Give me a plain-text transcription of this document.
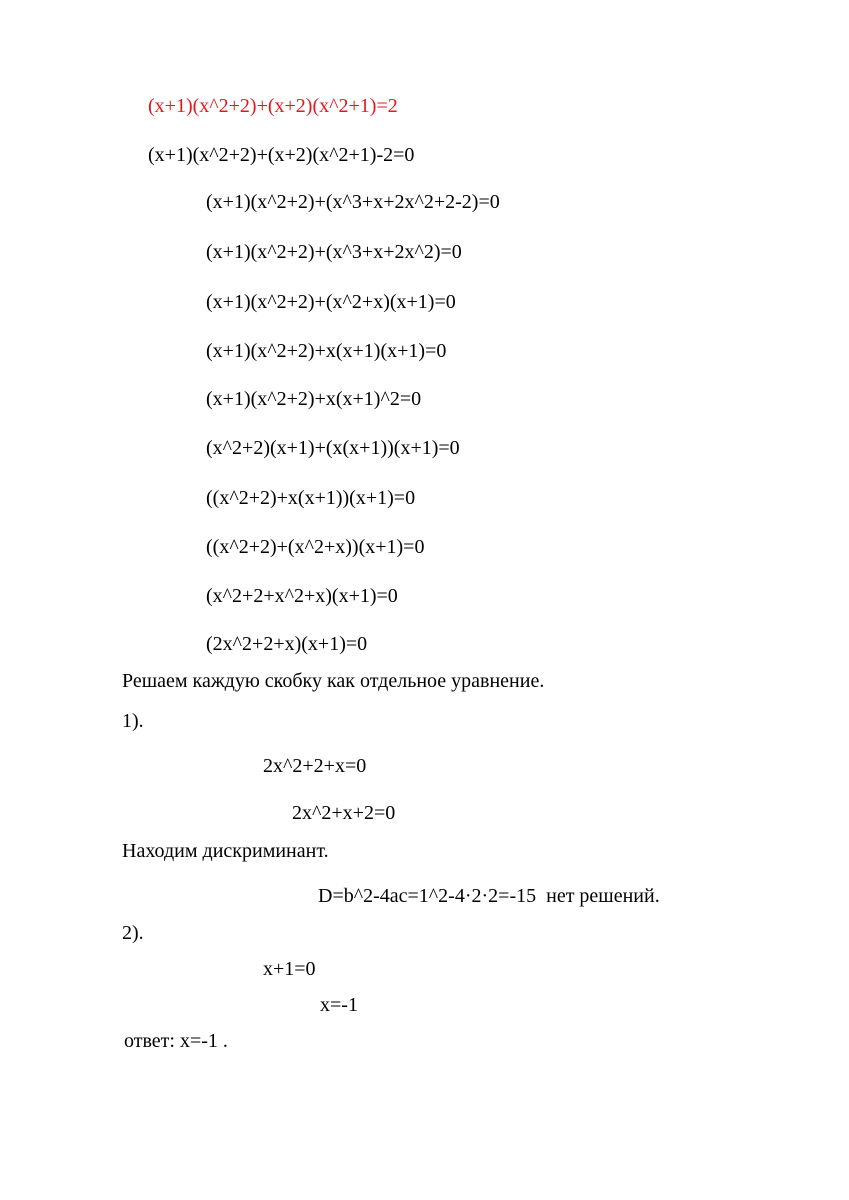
(x+1)(x^2+2)+(x+2)(x^2+1)=2
(x+1)(x^2+2)+(x+2)(x^2+1)-2=0
(x+1)(x^2+2)+(x^3+x+2x^2+2-2)=0
(x+1)(x^2+2)+(x^3+x+2x^2)=0
(x+1)(x^2+2)+(x^2+x)(x+1)=0
(x+1)(x^2+2)+x(x+1)(x+1)=0
(x+1)(x^2+2)+x(x+1)^2=0
(x^2+2)(x+1)+(x(x+1))(x+1)=0
((x^2+2)+x(x+1))(x+1)=0
((x^2+2)+(x^2+x))(x+1)=0
(x^2+2+x^2+x)(x+1)=0
(2x^2+2+x)(x+1)=0
Решаем каждую скобку как отдельное уравнение.
1).
2x^2+2+x=0
2x^2+x+2=0
Находим дискриминант.
D=b^2-4ac=1^2-4·2·2=-15 нет решений.
2).
x+1=0
x=-1
ответ: x=-1 .
